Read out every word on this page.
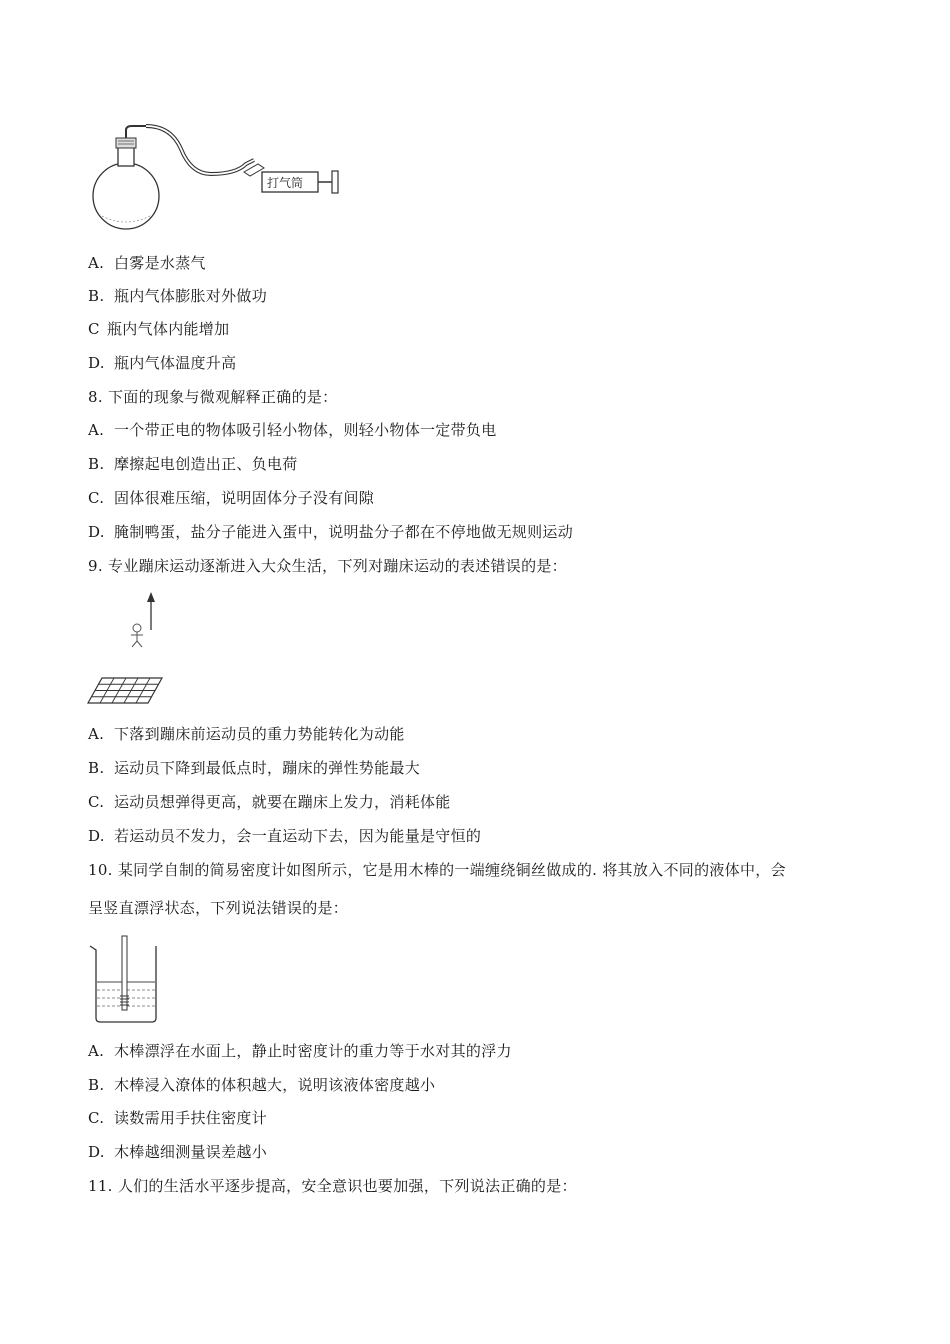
打气筒
A. 白雾是水蒸气
B. 瓶内气体膨胀对外做功
C 瓶内气体内能增加
D. 瓶内气体温度升高
8. 下面的现象与微观解释正确的是：
A. 一个带正电的物体吸引轻小物体，则轻小物体一定带负电
B. 摩擦起电创造出正、负电荷
C. 固体很难压缩，说明固体分子没有间隙
D. 腌制鸭蛋，盐分子能进入蛋中，说明盐分子都在不停地做无规则运动
9. 专业蹦床运动逐渐进入大众生活，下列对蹦床运动的表述错误的是：
A. 下落到蹦床前运动员的重力势能转化为动能
B. 运动员下降到最低点时，蹦床的弹性势能最大
C. 运动员想弹得更高，就要在蹦床上发力，消耗体能
D. 若运动员不发力，会一直运动下去，因为能量是守恒的
10. 某同学自制的简易密度计如图所示，它是用木棒的一端缠绕铜丝做成的. 将其放入不同的液体中，会
呈竖直漂浮状态，下列说法错误的是：
A. 木棒漂浮在水面上，静止时密度计的重力等于水对其的浮力
B. 木棒浸入潦体的体积越大，说明该液体密度越小
C. 读数需用手扶住密度计
D. 木棒越细测量误差越小
11. 人们的生活水平逐步提高，安全意识也要加强，下列说法正确的是：
